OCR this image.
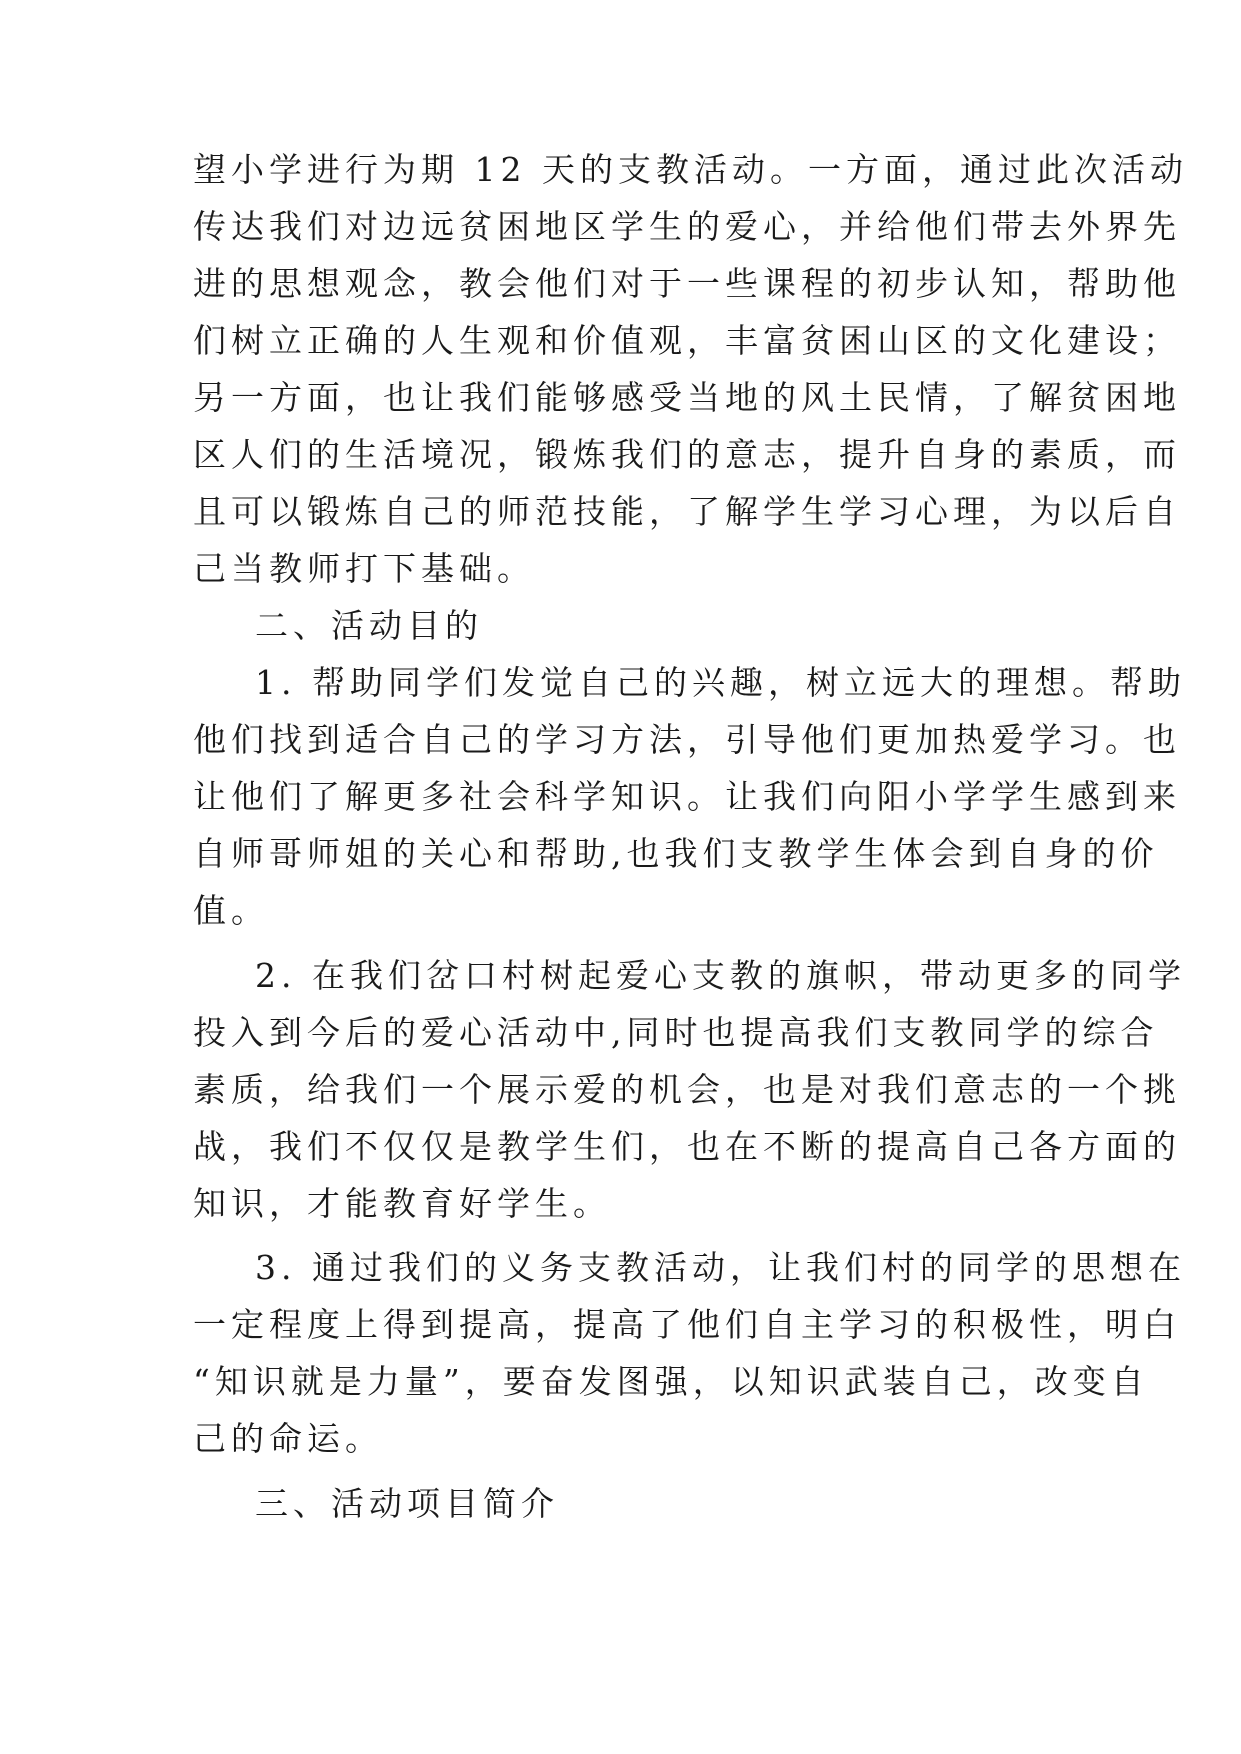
望小学进行为期 12 天的支教活动。一方面，通过此次活动
传达我们对边远贫困地区学生的爱心，并给他们带去外界先
进的思想观念，教会他们对于一些课程的初步认知，帮助他
们树立正确的人生观和价值观，丰富贫困山区的文化建设；
另一方面，也让我们能够感受当地的风土民情，了解贫困地
区人们的生活境况，锻炼我们的意志，提升自身的素质，而
且可以锻炼自己的师范技能，了解学生学习心理，为以后自
己当教师打下基础。
二、活动目的
1. 帮助同学们发觉自己的兴趣，树立远大的理想。帮助
他们找到适合自己的学习方法，引导他们更加热爱学习。也
让他们了解更多社会科学知识。让我们向阳小学学生感到来
自师哥师姐的关心和帮助,也我们支教学生体会到自身的价
值。
2. 在我们岔口村树起爱心支教的旗帜，带动更多的同学
投入到今后的爱心活动中,同时也提高我们支教同学的综合
素质，给我们一个展示爱的机会，也是对我们意志的一个挑
战，我们不仅仅是教学生们，也在不断的提高自己各方面的
知识，才能教育好学生。
3. 通过我们的义务支教活动，让我们村的同学的思想在
一定程度上得到提高，提高了他们自主学习的积极性，明白
“知识就是力量”，要奋发图强，以知识武装自己，改变自
己的命运。
三、活动项目简介
